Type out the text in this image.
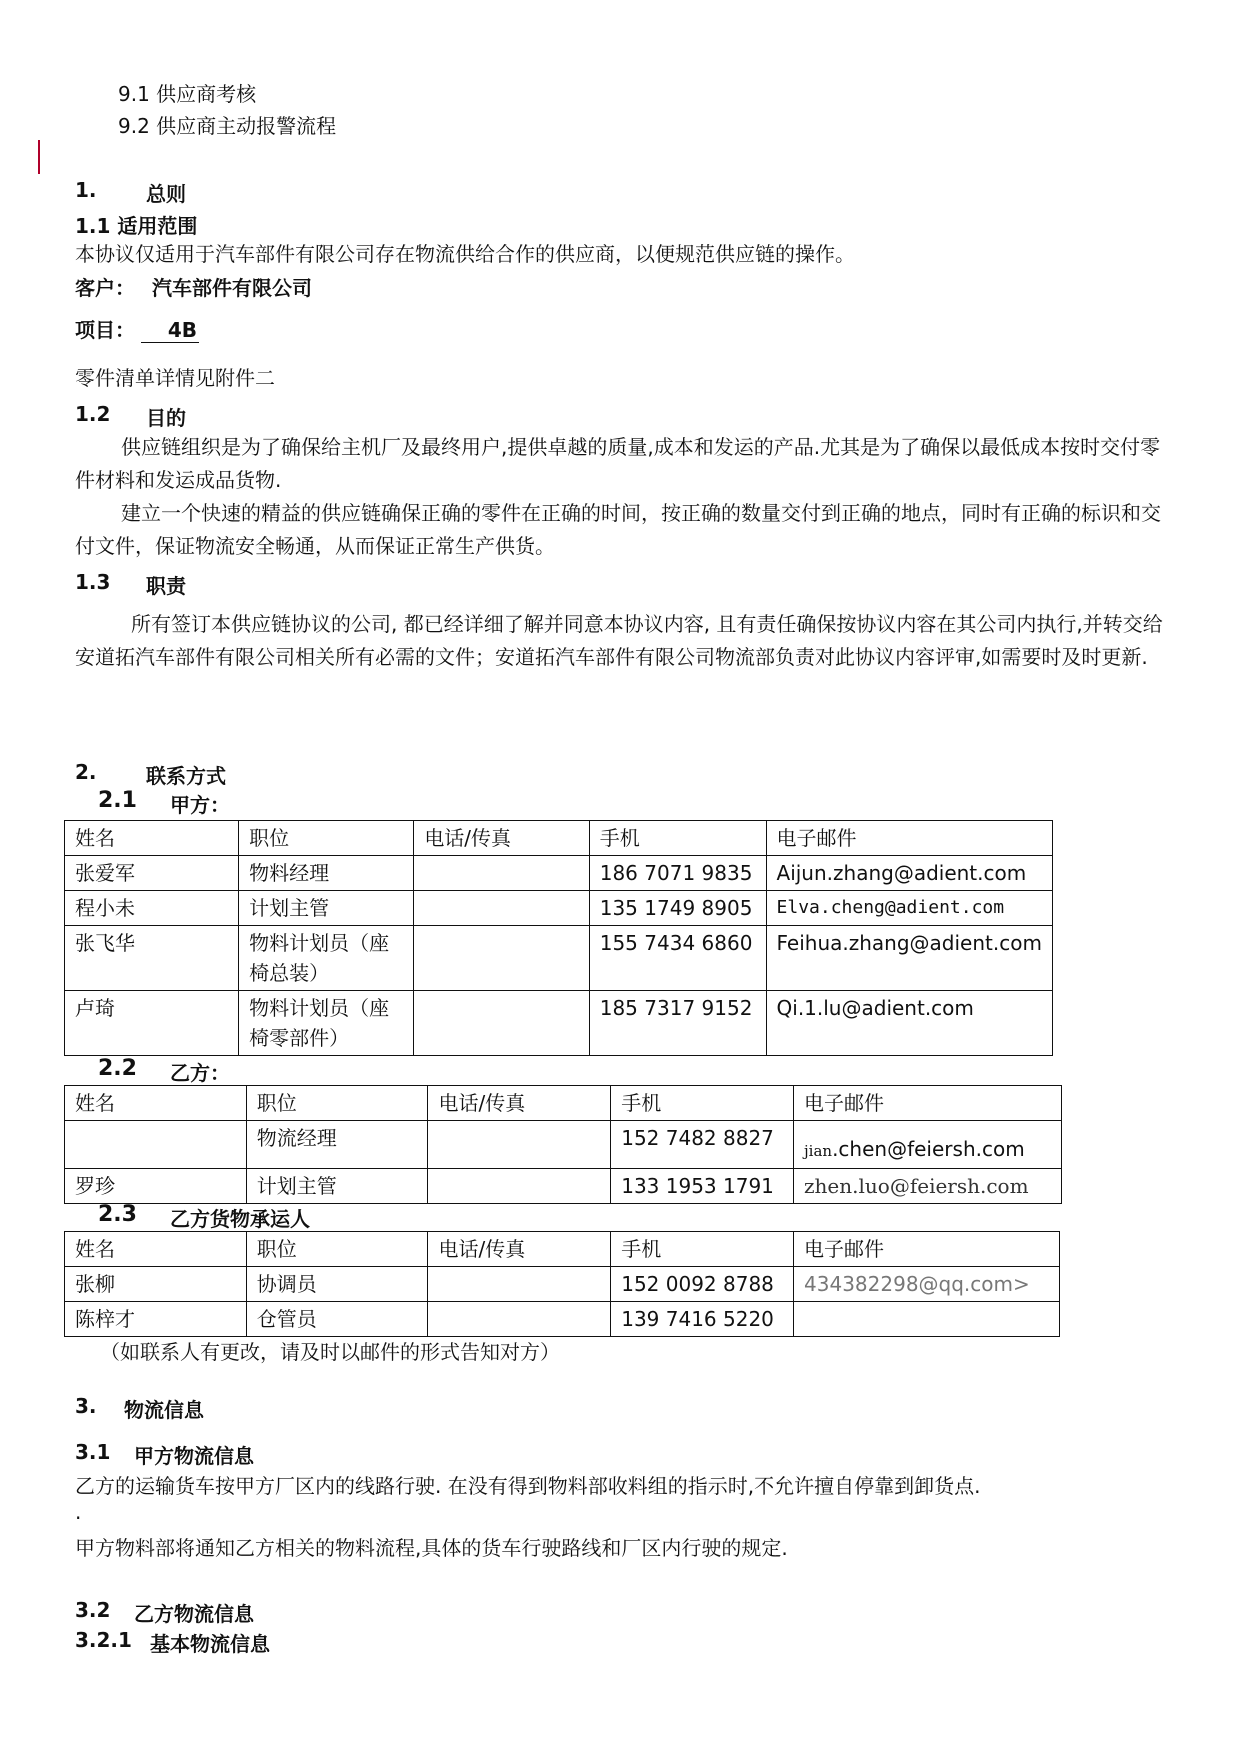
9.1 供应商考核
9.2 供应商主动报警流程
1. 总则
1.1 适用范围
本协议仅适用于汽车部件有限公司存在物流供给合作的供应商，以便规范供应链的操作。
客户： 汽车部件有限公司
项目： 4B
零件清单详情见附件二
1.2 目的
供应链组织是为了确保给主机厂及最终用户,提供卓越的质量,成本和发运的产品.尤其是为了确保以最低成本按时交付零件材料和发运成品货物.
建立一个快速的精益的供应链确保正确的零件在正确的时间，按正确的数量交付到正确的地点，同时有正确的标识和交付文件，保证物流安全畅通，从而保证正常生产供货。
1.3 职责
所有签订本供应链协议的公司, 都已经详细了解并同意本协议内容, 且有责任确保按协议内容在其公司内执行,并转交给安道拓汽车部件有限公司相关所有必需的文件；安道拓汽车部件有限公司物流部负责对此协议内容评审,如需要时及时更新.
2. 联系方式
2.1 甲方：
姓名	职位	电话/传真	手机	电子邮件
张爱军	物料经理		186 7071 9835	Aijun.zhang@adient.com
程小未	计划主管		135 1749 8905	Elva.cheng@adient.com
张飞华	物料计划员（座椅总装）		155 7434 6860	Feihua.zhang@adient.com
卢琦	物料计划员（座椅零部件）		185 7317 9152	Qi.1.lu@adient.com
2.2 乙方：
姓名	职位	电话/传真	手机	电子邮件
	物流经理		152 7482 8827	jian.chen@feiersh.com
罗珍	计划主管		133 1953 1791	zhen.luo@feiersh.com
2.3 乙方货物承运人
姓名	职位	电话/传真	手机	电子邮件
张柳	协调员		152 0092 8788	434382298@qq.com>
陈梓才	仓管员		139 7416 5220	
（如联系人有更改，请及时以邮件的形式告知对方）
3. 物流信息
3.1 甲方物流信息
乙方的运输货车按甲方厂区内的线路行驶. 在没有得到物料部收料组的指示时,不允许擅自停靠到卸货点.
.
甲方物料部将通知乙方相关的物料流程,具体的货车行驶路线和厂区内行驶的规定.
3.2 乙方物流信息
3.2.1 基本物流信息
